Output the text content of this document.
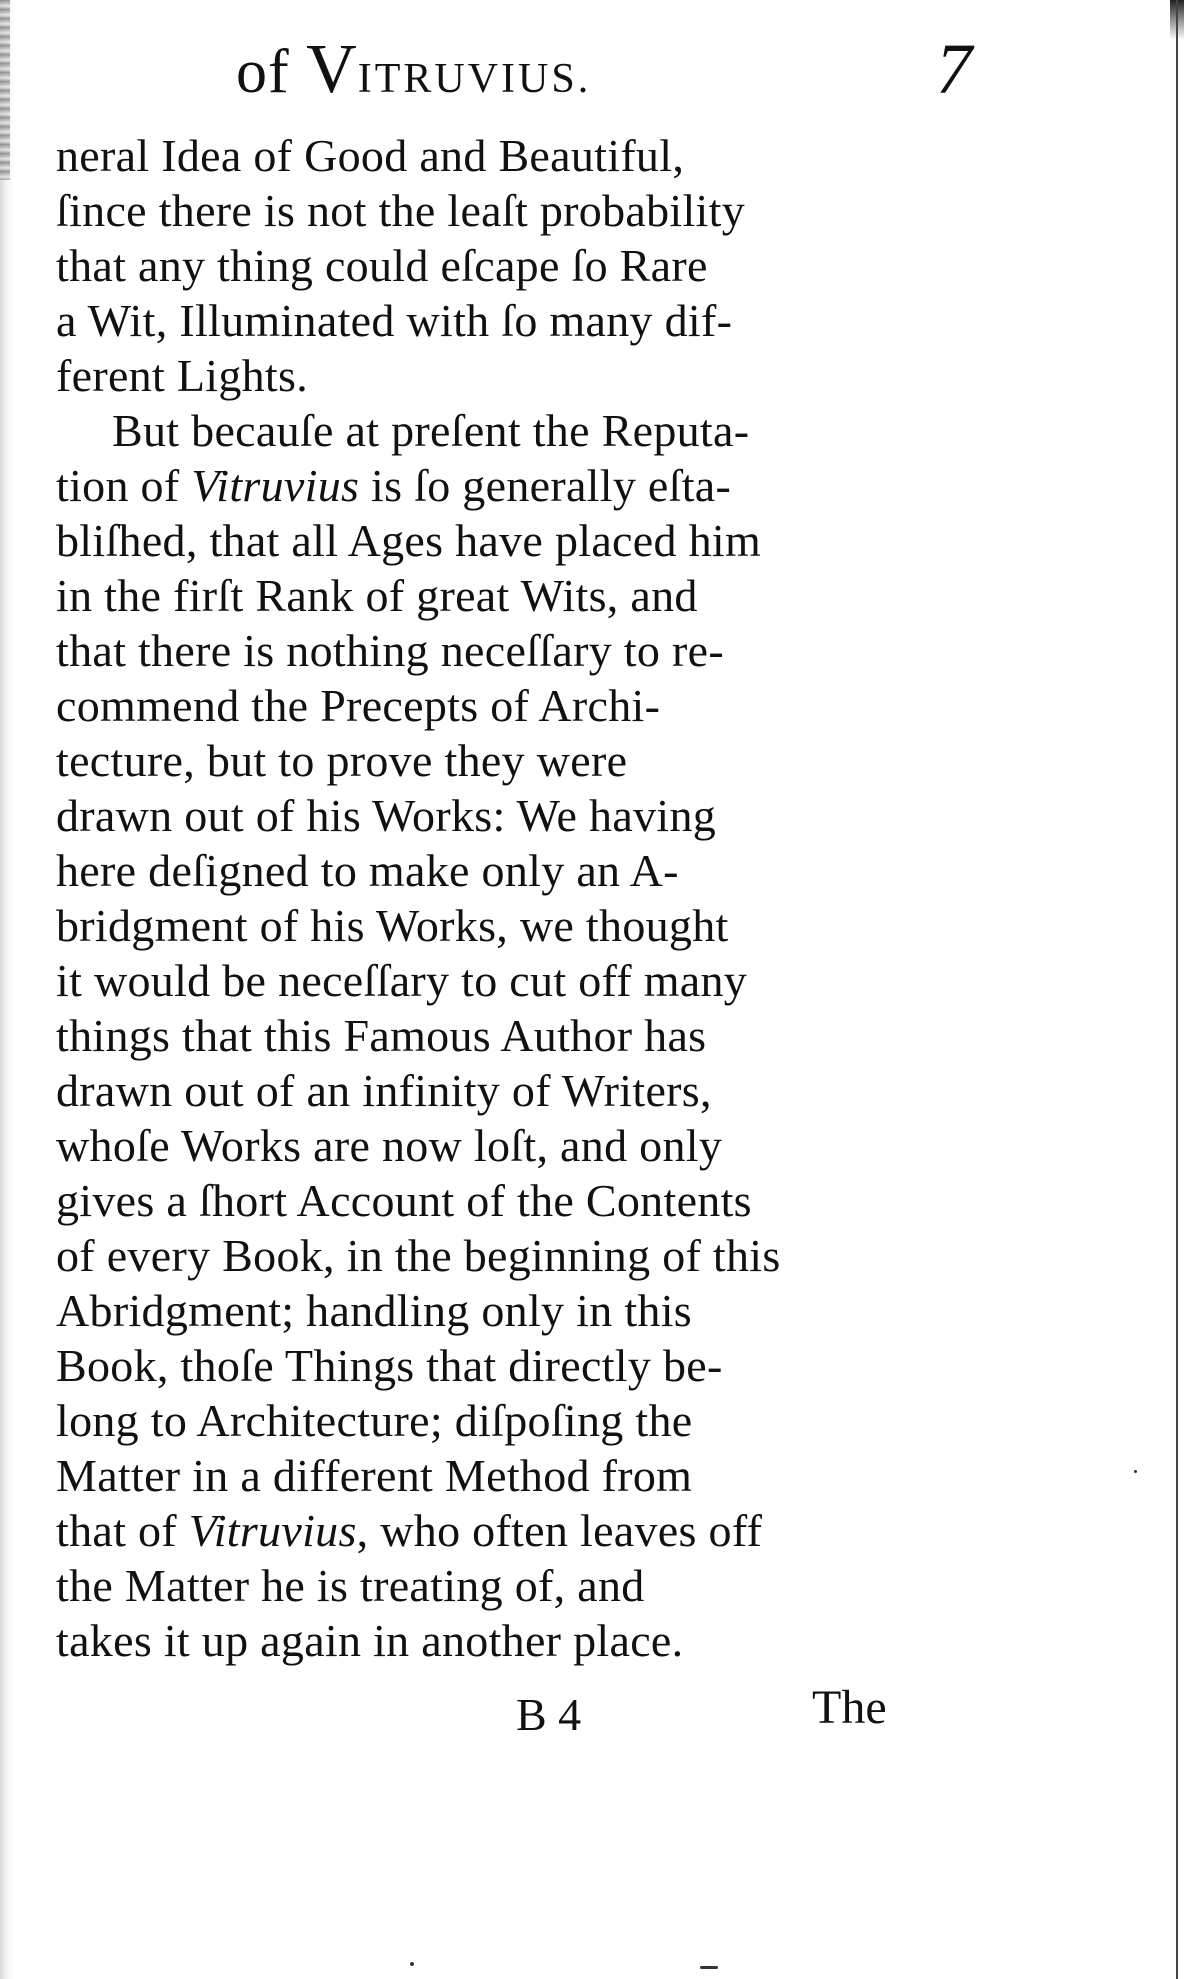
of VITRUVIUS.	7
neral Idea of Good and Beautiful,
ſince there is not the leaſt probability
that any thing could eſcape ſo Rare
a Wit, Illuminated with ſo many dif-
ferent Lights.
But becauſe at preſent the Reputa-
tion of Vitruvius is ſo generally eſta-
bliſhed, that all Ages have placed him
in the firſt Rank of great Wits, and
that there is nothing neceſſary to re-
commend the Precepts of Archi-
tecture, but to prove they were
drawn out of his Works: We having
here deſigned to make only an A-
bridgment of his Works, we thought
it would be neceſſary to cut off many
things that this Famous Author has
drawn out of an infinity of Writers,
whoſe Works are now loſt, and only
gives a ſhort Account of the Contents
of every Book, in the beginning of this
Abridgment; handling only in this
Book, thoſe Things that directly be-
long to Architecture; diſpoſing the
Matter in a different Method from
that of Vitruvius, who often leaves off
the Matter he is treating of, and
takes it up again in another place.
B 4	The
